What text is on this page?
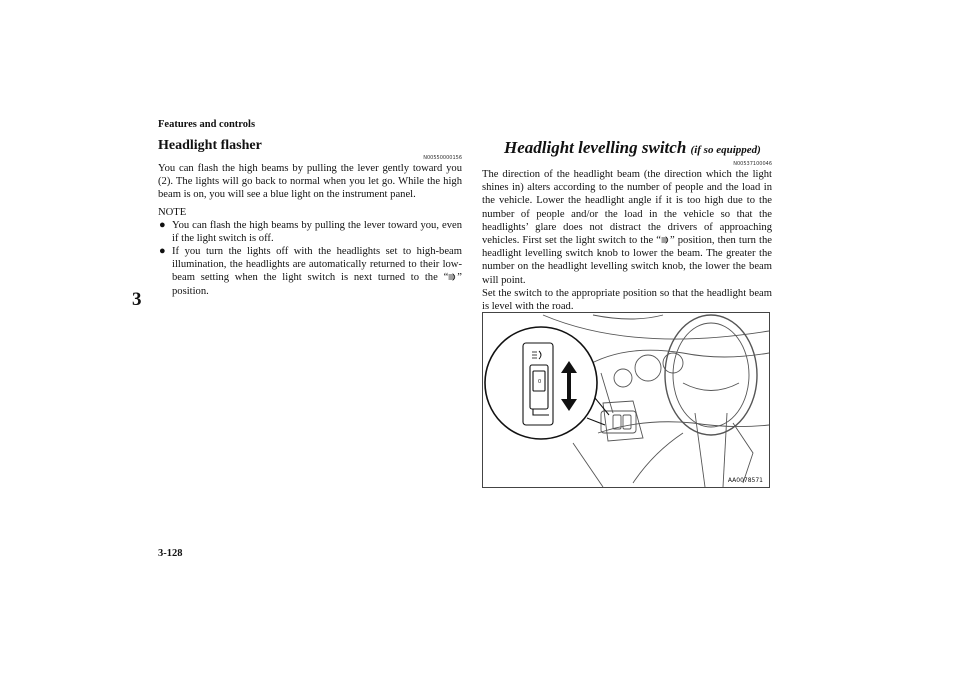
Features and controls
3
Headlight flasher
N00550000156

You can flash the high beams by pulling the lever gently toward you (2). The lights will go back to normal when you let go. While the high beam is on, you will see a blue light on the instrument panel.

NOTE
● You can flash the high beams by pulling the lever toward you, even if the light switch is off.
● If you turn the lights off with the headlights set to high-beam illumination, the headlights are automatically returned to their low-beam setting when the light switch is next turned to the “ ” position.
Headlight levelling switch (if so equipped)
N00537100046

The direction of the headlight beam (the direction which the light shines in) alters according to the number of people and the load in the vehicle. Lower the headlight angle if it is too high due to the number of people and/or the load in the vehicle so that the headlights’ glare does not distract the drivers of approaching vehicles. First set the light switch to the “ ” position, then turn the headlight levelling switch knob to lower the beam. The greater the number on the headlight levelling switch knob, the lower the beam will point.

Set the switch to the appropriate position so that the headlight beam is level with the road.

0
AA0078571
3-128
